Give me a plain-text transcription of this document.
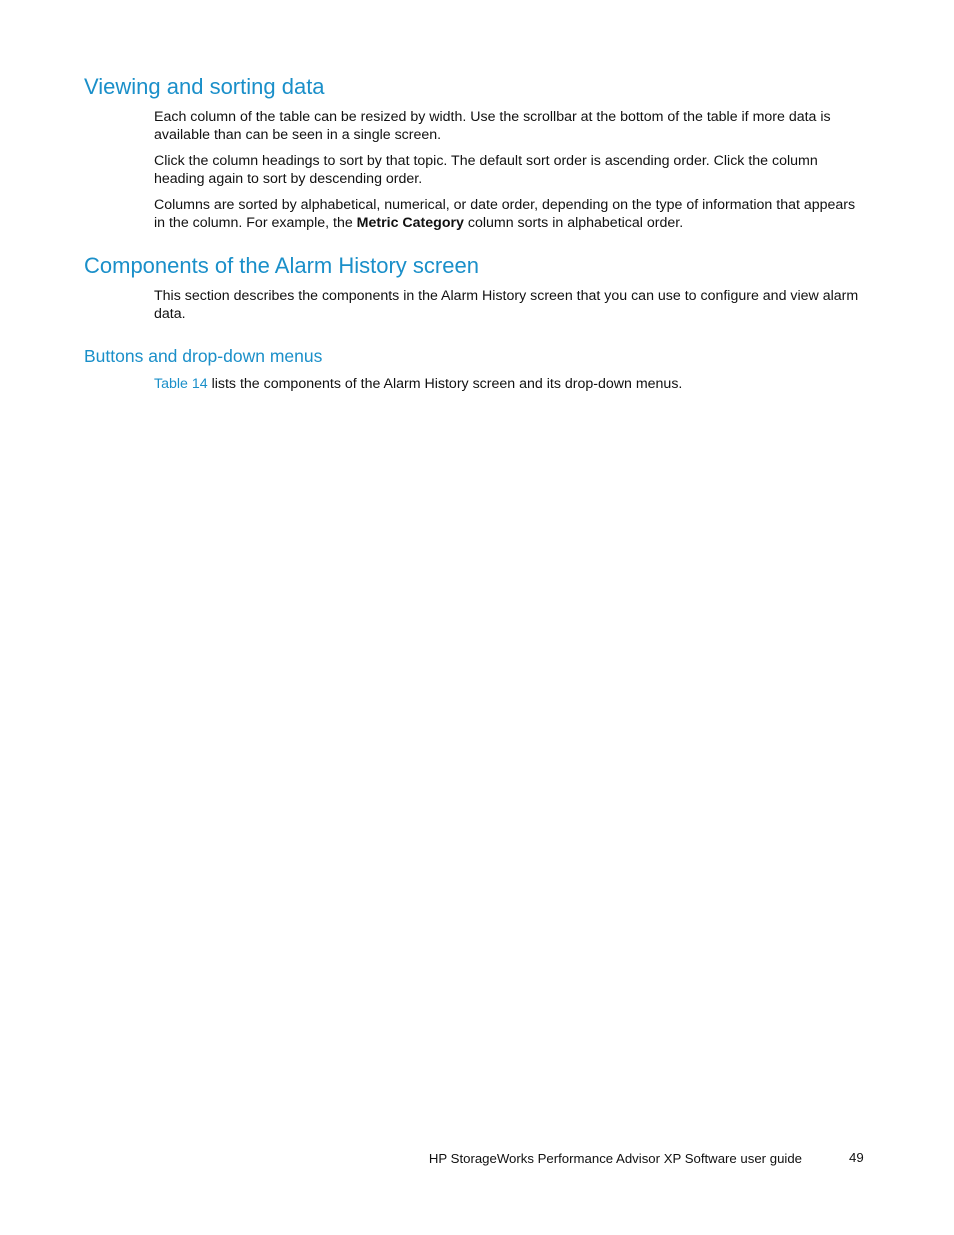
Viewing and sorting data

Each column of the table can be resized by width. Use the scrollbar at the bottom of the table if more data is available than can be seen in a single screen.

Click the column headings to sort by that topic. The default sort order is ascending order. Click the column heading again to sort by descending order.

Columns are sorted by alphabetical, numerical, or date order, depending on the type of information that appears in the column. For example, the Metric Category column sorts in alphabetical order.

Components of the Alarm History screen

This section describes the components in the Alarm History screen that you can use to configure and view alarm data.

Buttons and drop-down menus

Table 14 lists the components of the Alarm History screen and its drop-down menus.

HP StorageWorks Performance Advisor XP Software user guide	49
